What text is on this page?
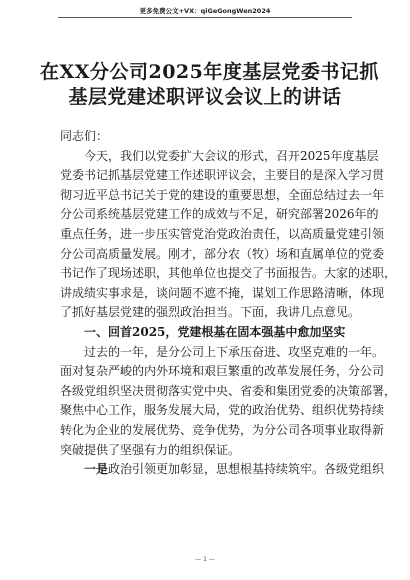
更多免费公文+VX：qiGeGongWen2024
在XX分公司2025年度基层党委书记抓
基层党建述职评议会议上的讲话
同志们：
　　今天，我们以党委扩大会议的形式，召开2025年度基层
党委书记抓基层党建工作述职评议会，主要目的是深入学习贯
彻习近平总书记关于党的建设的重要思想，全面总结过去一年
分公司系统基层党建工作的成效与不足，研究部署2026年的
重点任务，进一步压实管党治党政治责任，以高质量党建引领
分公司高质量发展。刚才，部分农（牧）场和直属单位的党委
书记作了现场述职，其他单位也提交了书面报告。大家的述职，
讲成绩实事求是，谈问题不遮不掩，谋划工作思路清晰，体现
了抓好基层党建的强烈政治担当。下面，我讲几点意见。
　　一、回首2025，党建根基在固本强基中愈加坚实
　　过去的一年，是分公司上下承压奋进、攻坚克难的一年。
面对复杂严峻的内外环境和艰巨繁重的改革发展任务，分公司
各级党组织坚决贯彻落实党中央、省委和集团党委的决策部署，
聚焦中心工作，服务发展大局，党的政治优势、组织优势持续
转化为企业的发展优势、竞争优势，为分公司各项事业取得新
突破提供了坚强有力的组织保证。
　　一是政治引领更加彰显，思想根基持续筑牢。各级党组织
— 1 —
